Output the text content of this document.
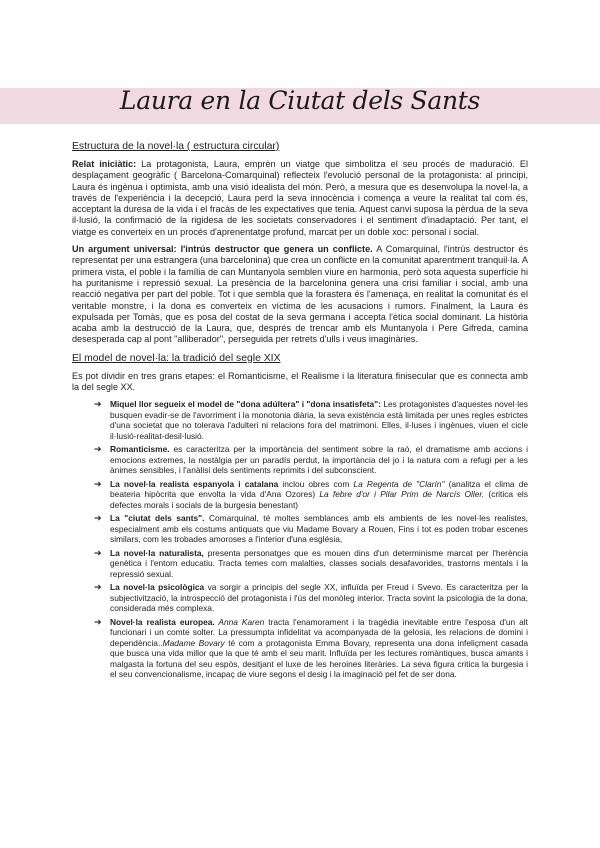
Laura en la Ciutat dels Sants
Estructura de la novel·la ( estructura circular)

Relat iniciàtic: La protagonista, Laura, emprèn un viatge que simbolitza el seu procés de maduració. El desplaçament geogràfic ( Barcelona-Comarquinal) reflecteix l'evolució personal de la protagonista: al principi, Laura és ingènua i optimista, amb una visió idealista del món. Però, a mesura que es desenvolupa la novel·la, a través de l'experiència i la decepció, Laura perd la seva innocència i comença a veure la realitat tal com és, acceptant la duresa de la vida i el fracàs de les expectatives que tenia. Aquest canvi suposa la pèrdua de la seva il·lusió, la confirmació de la rigidesa de les societats conservadores i el sentiment d'inadaptació. Per tant, el viatge es converteix en un procés d'aprenentatge profund, marcat per un doble xoc: personal i social.

Un argument universal: l'intrús destructor que genera un conflicte. A Comarquinal, l'intrús destructor és representat per una estrangera (una barcelonina) que crea un conflicte en la comunitat aparentment tranquil·la. A primera vista, el poble i la família de can Muntanyola semblen viure en harmonia, però sota aquesta superfície hi ha puritanisme i repressió sexual. La presència de la barcelonina genera una crisi familiar i social, amb una reacció negativa per part del poble. Tot i que sembla que la forastera és l'amenaça, en realitat la comunitat és el veritable monstre, i la dona es converteix en víctima de les acusacions i rumors. Finalment, la Laura és expulsada per Tomàs, que es posa del costat de la seva germana i accepta l'ètica social dominant. La història acaba amb la destrucció de la Laura, que, després de trencar amb els Muntanyola i Pere Gifreda, camina desesperada cap al pont "alliberador", perseguida per retrets d'ulls i veus imaginàries.

El model de novel·la: la tradició del segle XIX

Es pot dividir en tres grans etapes: el Romanticisme, el Realisme i la literatura finisecular que es connecta amb la del segle XX.

➔ Miquel llor segueix el model de "dona adúltera" i "dona insatisfeta": Les protagonistes d'aquestes novel·les busquen evadir-se de l'avorriment i la monotonia diària, la seva existència està limitada per unes regles estrictes d'una societat que no tolerava l'adulteri ni relacions fora del matrimoni. Elles, il·luses i ingènues, viuen el cicle il·lusió-realitat-desil·lusió.
➔ Romanticisme. es caracteritza per la importància del sentiment sobre la raó, el dramatisme amb accions i emocions extremes, la nostàlgia per un paradís perdut, la importància del jo i la natura com a refugi per a les ànimes sensibles, i l'anàlisi dels sentiments reprimits i del subconscient.
➔ La novel·la realista espanyola i catalana inclou obres com La Regenta de "Clarín" (analitza el clima de beateria hipòcrita que envolta la vida d'Ana Ozores) La febre d'or i Pilar Prim de Narcís Oller. (critica els defectes morals i socials de la burgesia benestant)
➔ La "ciutat dels sants". Comarquinal, té moltes semblances amb els ambients de les novel·les realistes, especialment amb els costums antiquats que viu Madame Bovary a Rouen, Fins i tot es poden trobar escenes similars, com les trobades amoroses a l'interior d'una església,
➔ La novel·la naturalista, presenta personatges que es mouen dins d'un determinisme marcat per l'herència genètica i l'entorn educatiu. Tracta temes com malalties, classes socials desafavorides, trastorns mentals i la repressió sexual.
➔ La novel·la psicològica va sorgir a principis del segle XX, influïda per Freud i Svevo. Es caracteritza per la subjectivització, la introspecció del protagonista i l'ús del monòleg interior. Tracta sovint la psicologia de la dona, considerada més complexa.
➔ Novel·la realista europea. Anna Karen tracta l'enamorament i la tragèdia inevitable entre l'esposa d'un alt funcionari i un comte solter. La pressumpta infidelitat va acompanyada de la gelosia, les relacions de domini i dependència..Madame Bovary té com a protagonista Emma Bovary, representa una dona infeliçment casada que busca una vida millor que la que té amb el seu marit. Influïda per les lectures romàntiques, busca amants i malgasta la fortuna del seu espòs, desitjant el luxe de les heroines literàries. La seva figura critica la burgesia i el seu convencionalisme, incapaç de viure segons el desig i la imaginació pel fet de ser dona.
